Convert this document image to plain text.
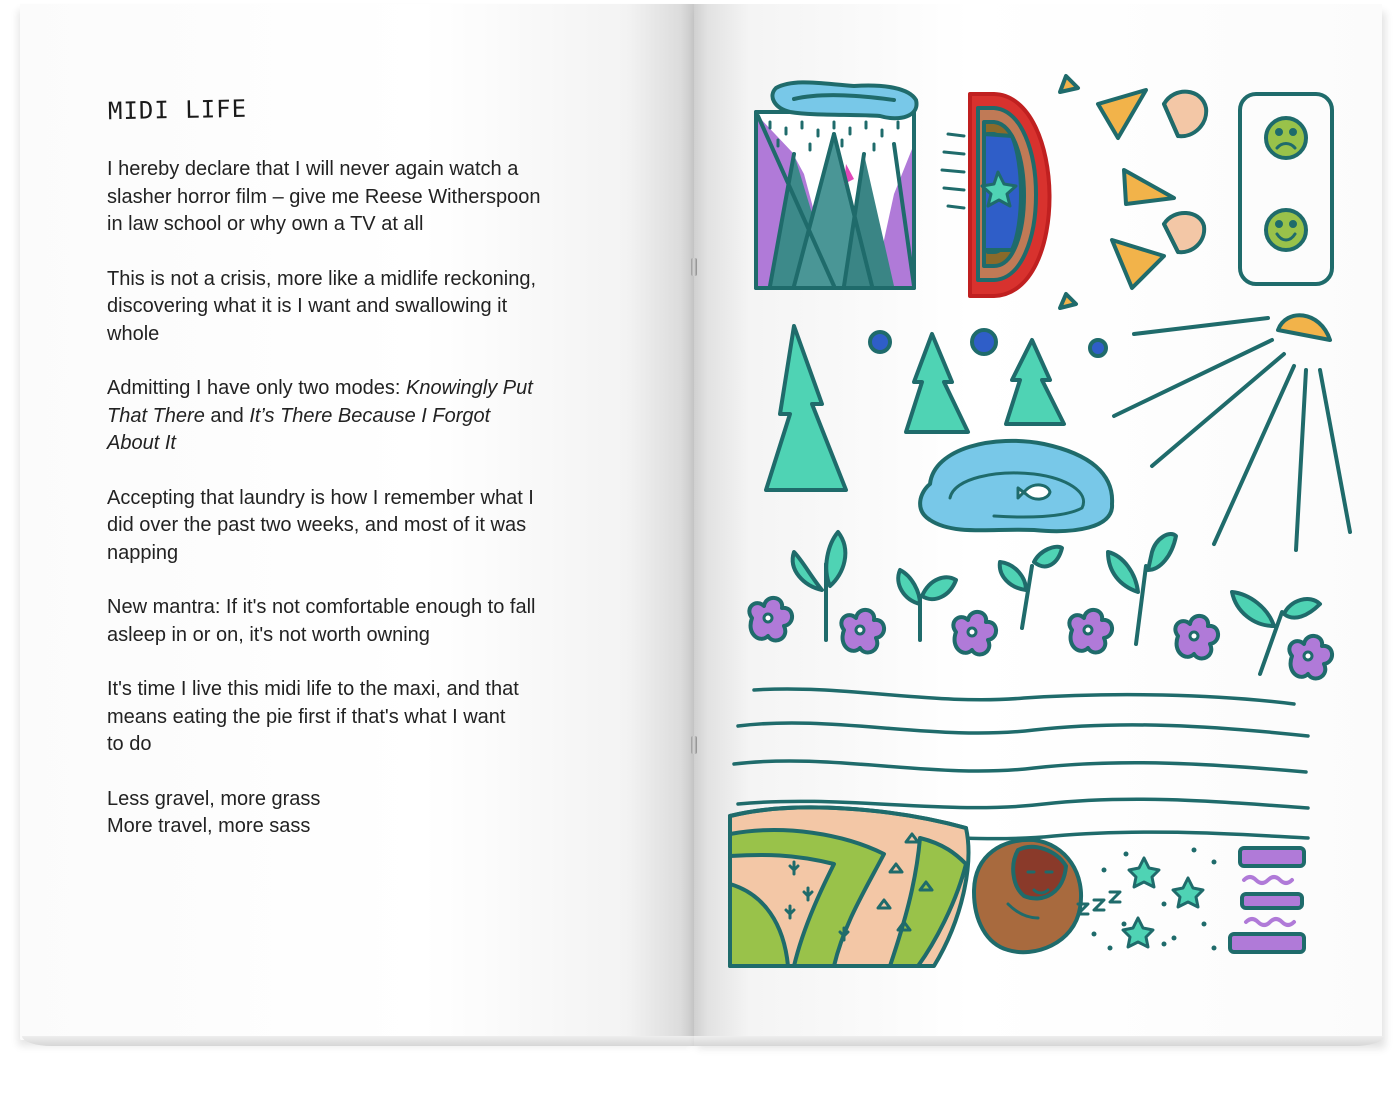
MIDI LIFE

I hereby declare that I will never again watch a
slasher horror film – give me Reese Witherspoon
in law school or why own a TV at all

This is not a crisis, more like a midlife reckoning,
discovering what it is I want and swallowing it
whole

Admitting I have only two modes: Knowingly Put
That There and It’s There Because I Forgot
About It

Accepting that laundry is how I remember what I
did over the past two weeks, and most of it was
napping

New mantra: If it's not comfortable enough to fall
asleep in or on, it's not worth owning

It's time I live this midi life to the maxi, and that
means eating the pie first if that's what I want
to do

Less gravel, more grass
More travel, more sass
